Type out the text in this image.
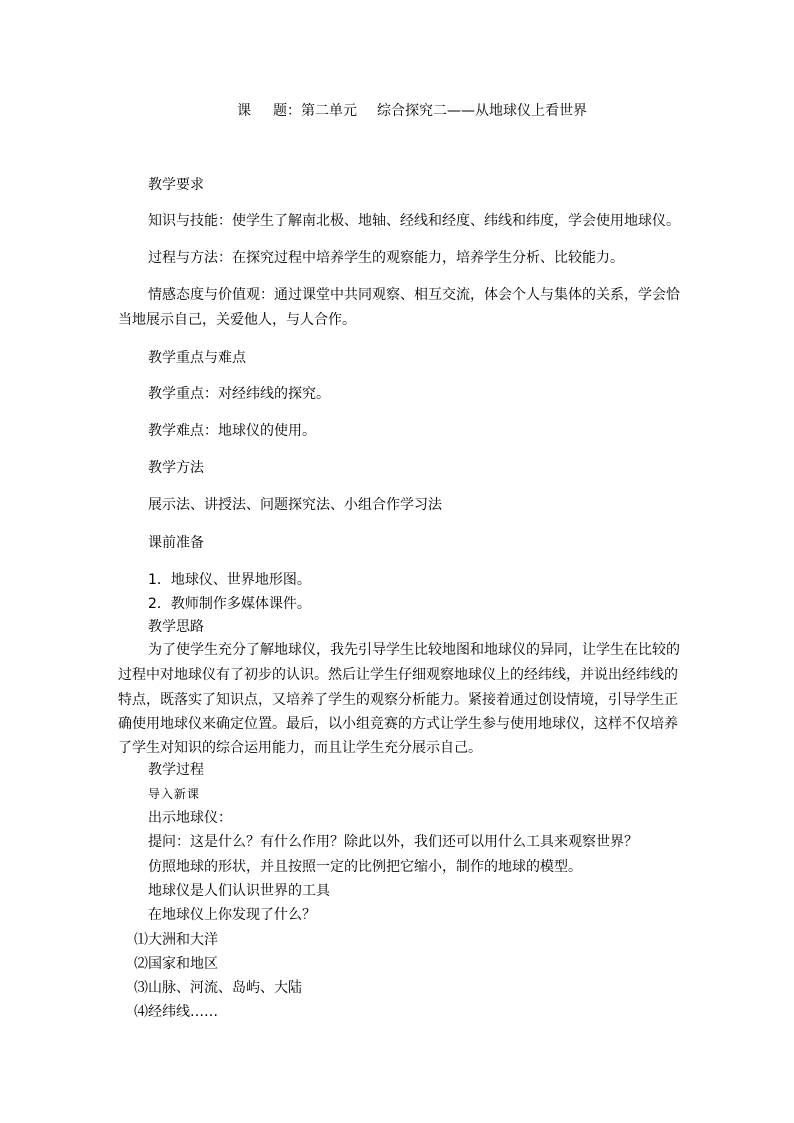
课 题：第二单元 综合探究二——从地球仪上看世界
教学要求
知识与技能：使学生了解南北极、地轴、经线和经度、纬线和纬度，学会使用地球仪。
过程与方法：在探究过程中培养学生的观察能力，培养学生分析、比较能力。
情感态度与价值观：通过课堂中共同观察、相互交流，体会个人与集体的关系，学会恰
当地展示自己，关爱他人，与人合作。
教学重点与难点
教学重点：对经纬线的探究。
教学难点：地球仪的使用。
教学方法
展示法、讲授法、问题探究法、小组合作学习法
课前准备
1．地球仪、世界地形图。
2．教师制作多媒体课件。
教学思路
为了使学生充分了解地球仪，我先引导学生比较地图和地球仪的异同，让学生在比较的
过程中对地球仪有了初步的认识。然后让学生仔细观察地球仪上的经纬线，并说出经纬线的
特点，既落实了知识点，又培养了学生的观察分析能力。紧接着通过创设情境，引导学生正
确使用地球仪来确定位置。最后，以小组竞赛的方式让学生参与使用地球仪，这样不仅培养
了学生对知识的综合运用能力，而且让学生充分展示自己。
教学过程
导入新课
出示地球仪：
提问：这是什么？有什么作用？除此以外，我们还可以用什么工具来观察世界？
仿照地球的形状，并且按照一定的比例把它缩小，制作的地球的模型。
地球仪是人们认识世界的工具
在地球仪上你发现了什么？
⑴大洲和大洋
⑵国家和地区
⑶山脉、河流、岛屿、大陆
⑷经纬线……
